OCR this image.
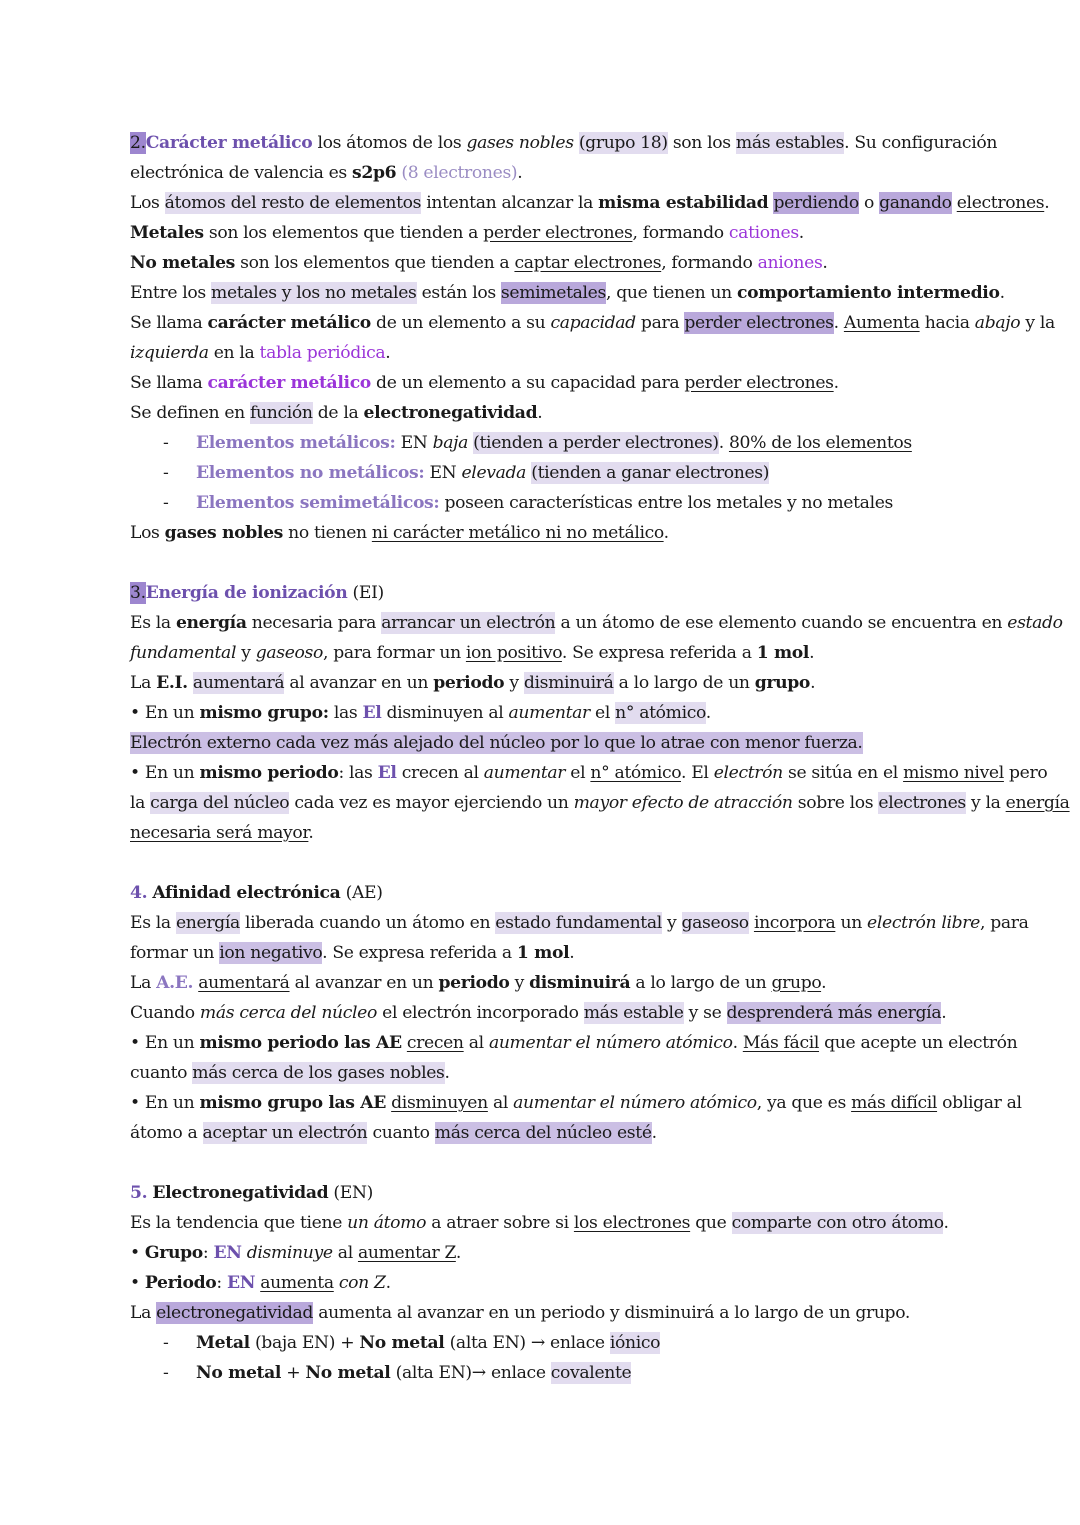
2.Carácter metálico los átomos de los gases nobles (grupo 18) son los más estables. Su configuración
electrónica de valencia es s2p6 (8 electrones).
Los átomos del resto de elementos intentan alcanzar la misma estabilidad perdiendo o ganando electrones.
Metales son los elementos que tienden a perder electrones, formando cationes.
No metales son los elementos que tienden a captar electrones, formando aniones.
Entre los metales y los no metales están los semimetales, que tienen un comportamiento intermedio.
Se llama carácter metálico de un elemento a su capacidad para perder electrones. Aumenta hacia abajo y la
izquierda en la tabla periódica.
Se llama carácter metálico de un elemento a su capacidad para perder electrones.
Se definen en función de la electronegatividad.
- Elementos metálicos: EN baja (tienden a perder electrones). 80% de los elementos
- Elementos no metálicos: EN elevada (tienden a ganar electrones)
- Elementos semimetálicos: poseen características entre los metales y no metales
Los gases nobles no tienen ni carácter metálico ni no metálico.
3.Energía de ionización (EI)
Es la energía necesaria para arrancar un electrón a un átomo de ese elemento cuando se encuentra en estado
fundamental y gaseoso, para formar un ion positivo. Se expresa referida a 1 mol.
La E.I. aumentará al avanzar en un periodo y disminuirá a lo largo de un grupo.
• En un mismo grupo: las El disminuyen al aumentar el n° atómico.
Electrón externo cada vez más alejado del núcleo por lo que lo atrae con menor fuerza.
• En un mismo periodo: las El crecen al aumentar el n° atómico. El electrón se sitúa en el mismo nivel pero
la carga del núcleo cada vez es mayor ejerciendo un mayor efecto de atracción sobre los electrones y la energía
necesaria será mayor.
4. Afinidad electrónica (AE)
Es la energía liberada cuando un átomo en estado fundamental y gaseoso incorpora un electrón libre, para
formar un ion negativo. Se expresa referida a 1 mol.
La A.E. aumentará al avanzar en un periodo y disminuirá a lo largo de un grupo.
Cuando más cerca del núcleo el electrón incorporado más estable y se desprenderá más energía.
• En un mismo periodo las AE crecen al aumentar el número atómico. Más fácil que acepte un electrón
cuanto más cerca de los gases nobles.
• En un mismo grupo las AE disminuyen al aumentar el número atómico, ya que es más difícil obligar al
átomo a aceptar un electrón cuanto más cerca del núcleo esté.
5. Electronegatividad (EN)
Es la tendencia que tiene un átomo a atraer sobre si los electrones que comparte con otro átomo.
• Grupo: EN disminuye al aumentar Z.
• Periodo: EN aumenta con Z.
La electronegatividad aumenta al avanzar en un periodo y disminuirá a lo largo de un grupo.
- Metal (baja EN) + No metal (alta EN) → enlace iónico
- No metal + No metal (alta EN)→ enlace covalente
